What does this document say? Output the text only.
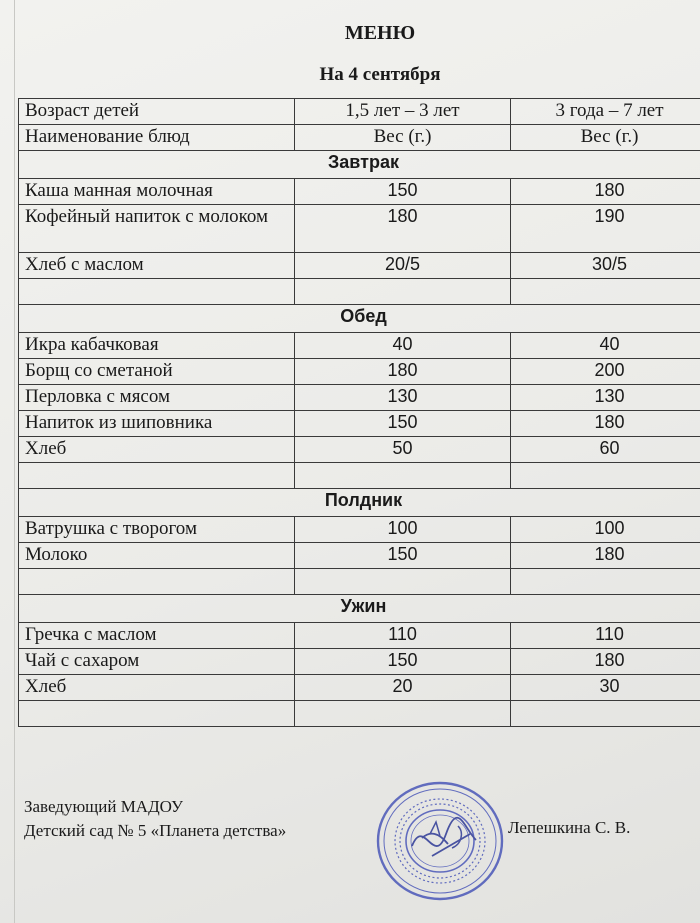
МЕНЮ
На 4 сентября
Возраст детей	1,5 лет – 3 лет	3 года – 7 лет
Наименование блюд	Вес (г.)	Вес (г.)
Завтрак		
Каша манная молочная	150	180
Кофейный напиток с молоком	180	190
Хлеб с маслом	20/5	30/5

Обед		
Икра кабачковая	40	40
Борщ со сметаной	180	200
Перловка с мясом	130	130
Напиток из шиповника	150	180
Хлеб	50	60

Полдник		
Ватрушка с творогом	100	100
Молоко	150	180

Ужин		
Гречка с маслом	110	110
Чай с сахаром	150	180
Хлеб	20	30

Заведующий МАДОУ
Детский сад № 5 «Планета детства»	Лепешкина С. В.
